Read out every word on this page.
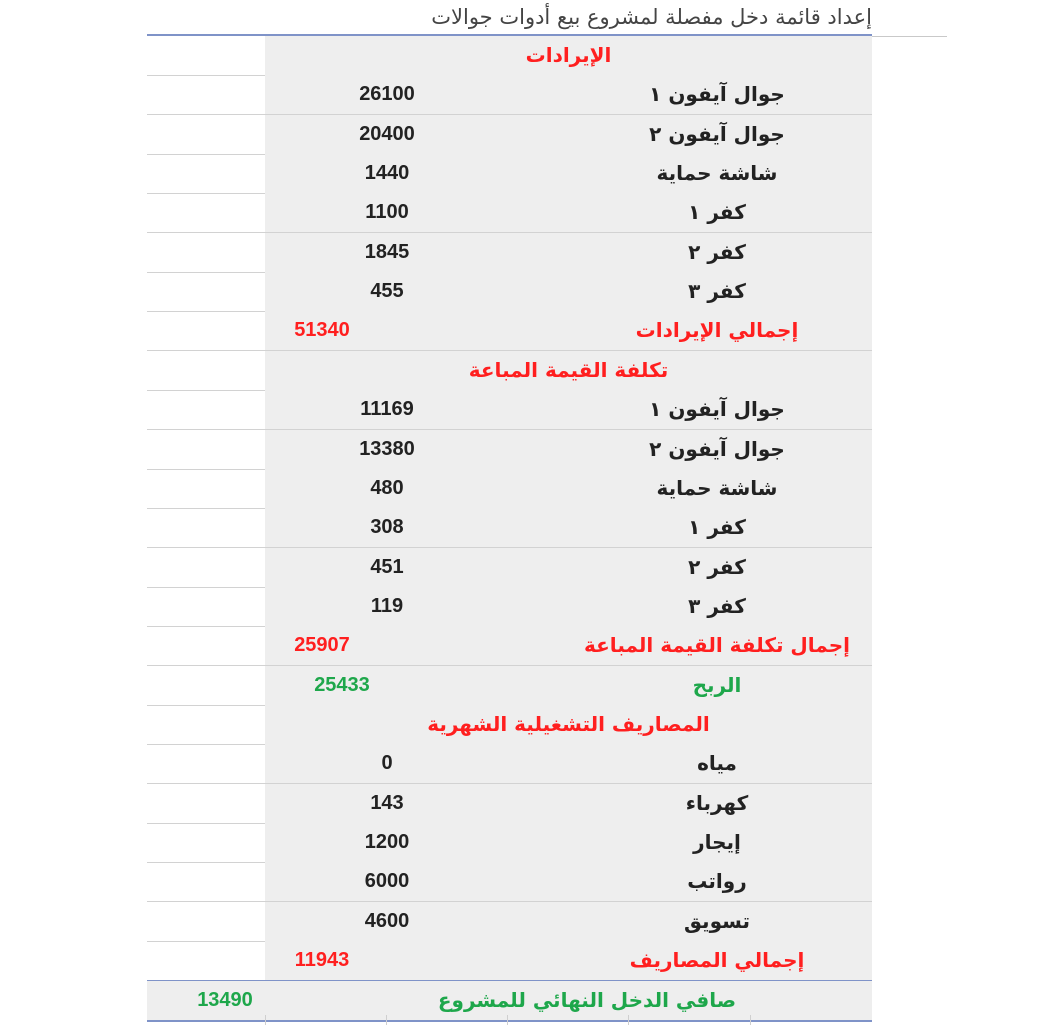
إعداد قائمة دخل مفصلة لمشروع بيع أدوات جوالات
الإيرادات
جوال آيفون ١
26100
جوال آيفون ٢
20400
شاشة حماية
1440
كفر ١
1100
كفر ٢
1845
كفر ٣
455
إجمالي الإيرادات
51340
تكلفة القيمة المباعة
جوال آيفون ١
11169
جوال آيفون ٢
13380
شاشة حماية
480
كفر ١
308
كفر ٢
451
كفر ٣
119
إجمال تكلفة القيمة المباعة
25907
الربح
25433
المصاريف التشغيلية الشهرية
مياه
0
كهرباء
143
إيجار
1200
رواتب
6000
تسويق
4600
إجمالي المصاريف
11943
صافي الدخل النهائي للمشروع
13490
